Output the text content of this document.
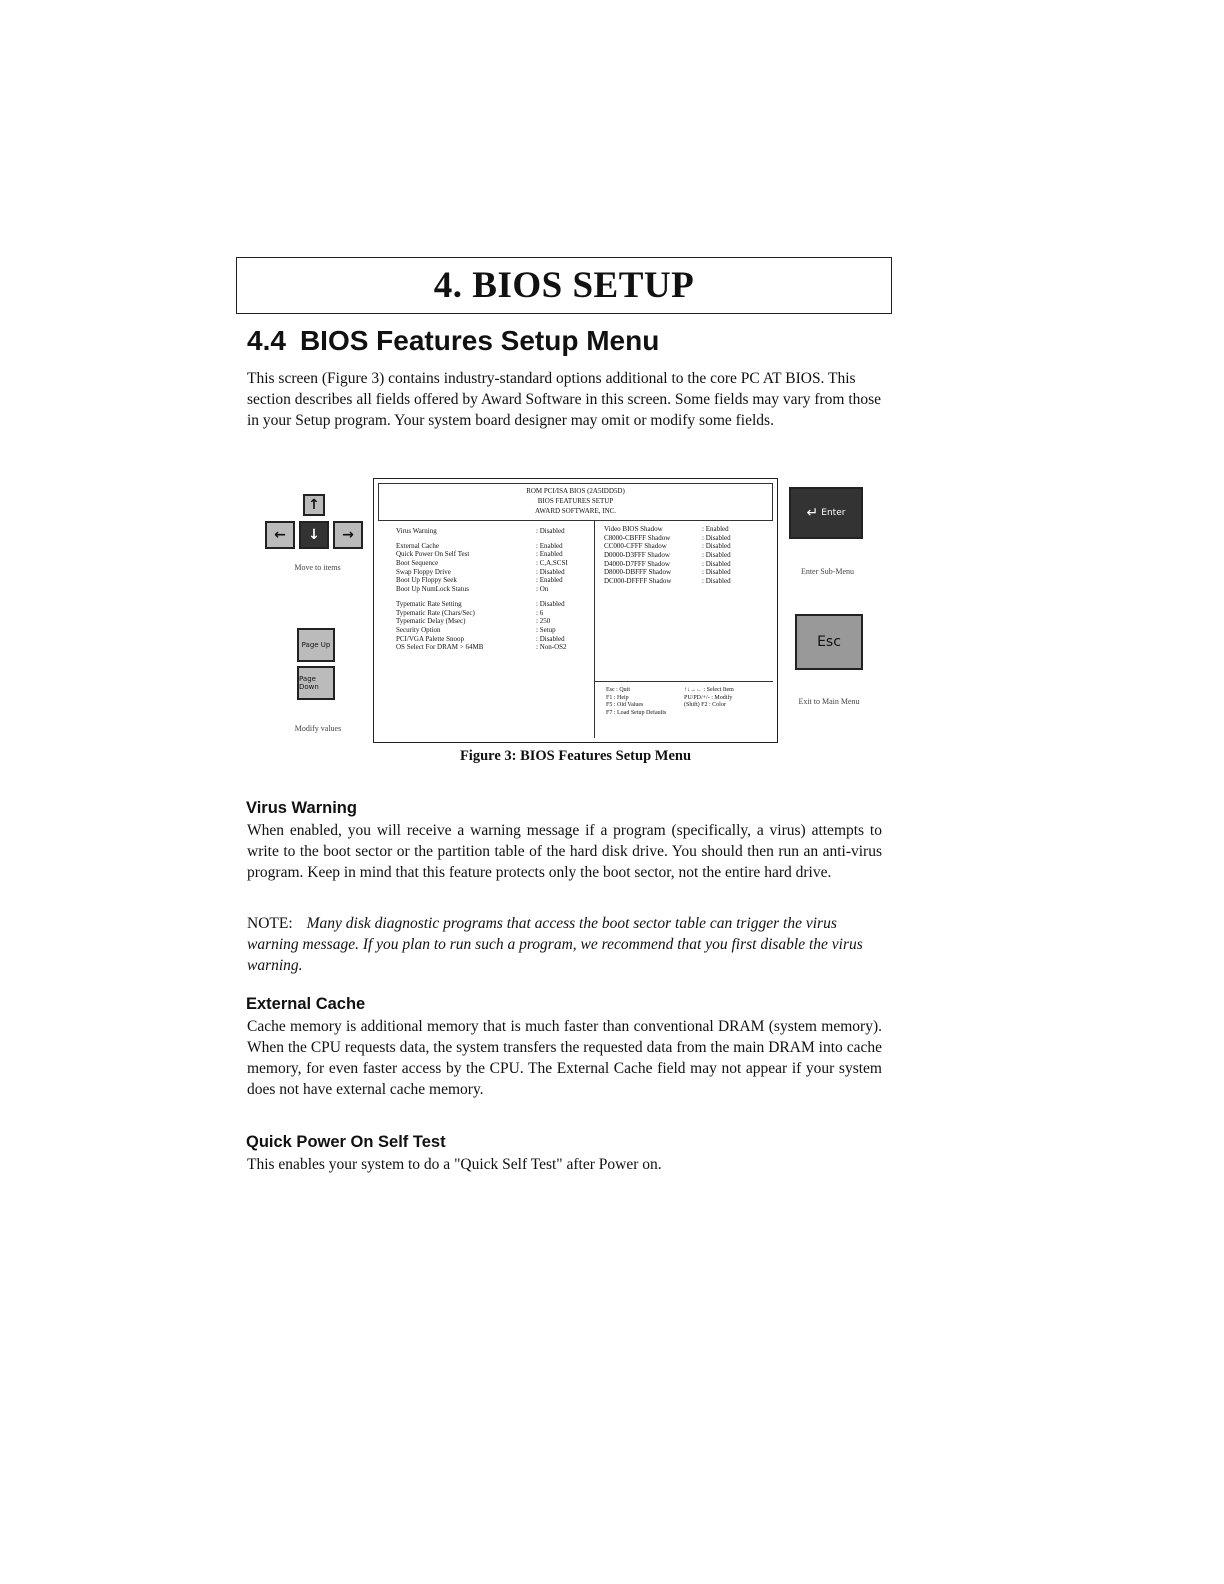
4. BIOS SETUP
4.4 BIOS Features Setup Menu

This screen (Figure 3) contains industry-standard options additional to the core PC AT BIOS. This section describes all fields offered by Award Software in this screen. Some fields may vary from those in your Setup program. Your system board designer may omit or modify some fields.

↑
← ↓ →
Move to items
Page Up
Page Down
Modify values
ROM PCI/ISA BIOS (2A5IDD5D)
BIOS FEATURES SETUP
AWARD SOFTWARE, INC.
Virus Warning	: Disabled
External Cache	: Enabled
Quick Power On Self Test	: Enabled
Boot Sequence	: C,A,SCSI
Swap Floppy Drive	: Disabled
Boot Up Floppy Seek	: Enabled
Boot Up NumLock Status	: On
Typematic Rate Setting	: Disabled
Typematic Rate (Chars/Sec)	: 6
Typematic Delay (Msec)	: 250
Security Option	: Setup
PCI/VGA Palette Snoop	: Disabled
OS Select For DRAM > 64MB	: Non-OS2
Video BIOS Shadow	: Enabled
C8000-CBFFF Shadow	: Disabled
CC000-CFFF Shadow	: Disabled
D0000-D3FFF Shadow	: Disabled
D4000-D7FFF Shadow	: Disabled
D8000-DBFFF Shadow	: Disabled
DC000-DFFFF Shadow	: Disabled
Esc : Quit	↑↓→← : Select Item
F1 : Help	PU/PD/+/- : Modify
F5 : Old Values	(Shift) F2 : Color
F7 : Load Setup Defaults
Figure 3: BIOS Features Setup Menu
↵ Enter
Enter Sub-Menu
Esc
Exit to Main Menu
Virus Warning

When enabled, you will receive a warning message if a program (specifically, a virus) attempts to write to the boot sector or the partition table of the hard disk drive. You should then run an anti-virus program. Keep in mind that this feature protects only the boot sector, not the entire hard drive.

NOTE: Many disk diagnostic programs that access the boot sector table can trigger the virus warning message. If you plan to run such a program, we recommend that you first disable the virus warning.

External Cache

Cache memory is additional memory that is much faster than conventional DRAM (system memory). When the CPU requests data, the system transfers the requested data from the main DRAM into cache memory, for even faster access by the CPU. The External Cache field may not appear if your system does not have external cache memory.

Quick Power On Self Test

This enables your system to do a "Quick Self Test" after Power on.
